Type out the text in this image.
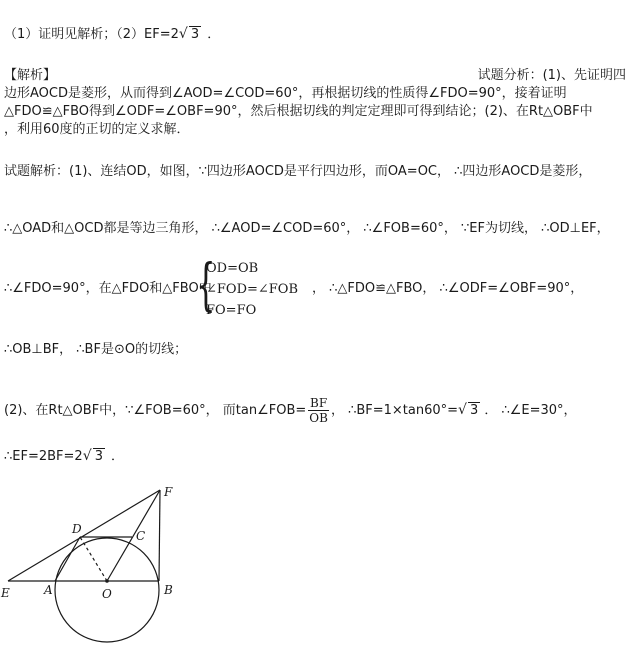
（1）证明见解析；（2）EF=2 √ 3 ．
【解析】	试题分析：(1)、先证明四
边形AOCD是菱形，从而得到∠AOD=∠COD=60°，再根据切线的性质得∠FDO=90°，接着证明
△FDO≌△FBO得到∠ODF=∠OBF=90°，然后根据切线的判定定理即可得到结论；(2)、在Rt△OBF中
，利用60度的正切的定义求解．
试题解析：(1)、连结OD，如图，∵四边形AOCD是平行四边形，而OA=OC， ∴四边形AOCD是菱形，
∴△OAD和△OCD都是等边三角形， ∴∠AOD=∠COD=60°， ∴∠FOB=60°， ∵EF为切线， ∴OD⊥EF，
∴∠FDO=90°，在△FDO和△FBO中
{
OD=OB
∠FOD=∠FOB
FO=FO
， ∴△FDO≌△FBO， ∴∠ODF=∠OBF=90°，
∴OB⊥BF， ∴BF是⊙O的切线；
(2)、在Rt△OBF中，∵∠FOB=60°， 而tan∠FOB= $\frac{BF}{OB}$ ， ∴BF=1×tan60°= √ 3 ． ∴∠E=30°，
∴EF=2BF=2 √ 3 ．
F
D	C
E	A	O	B
